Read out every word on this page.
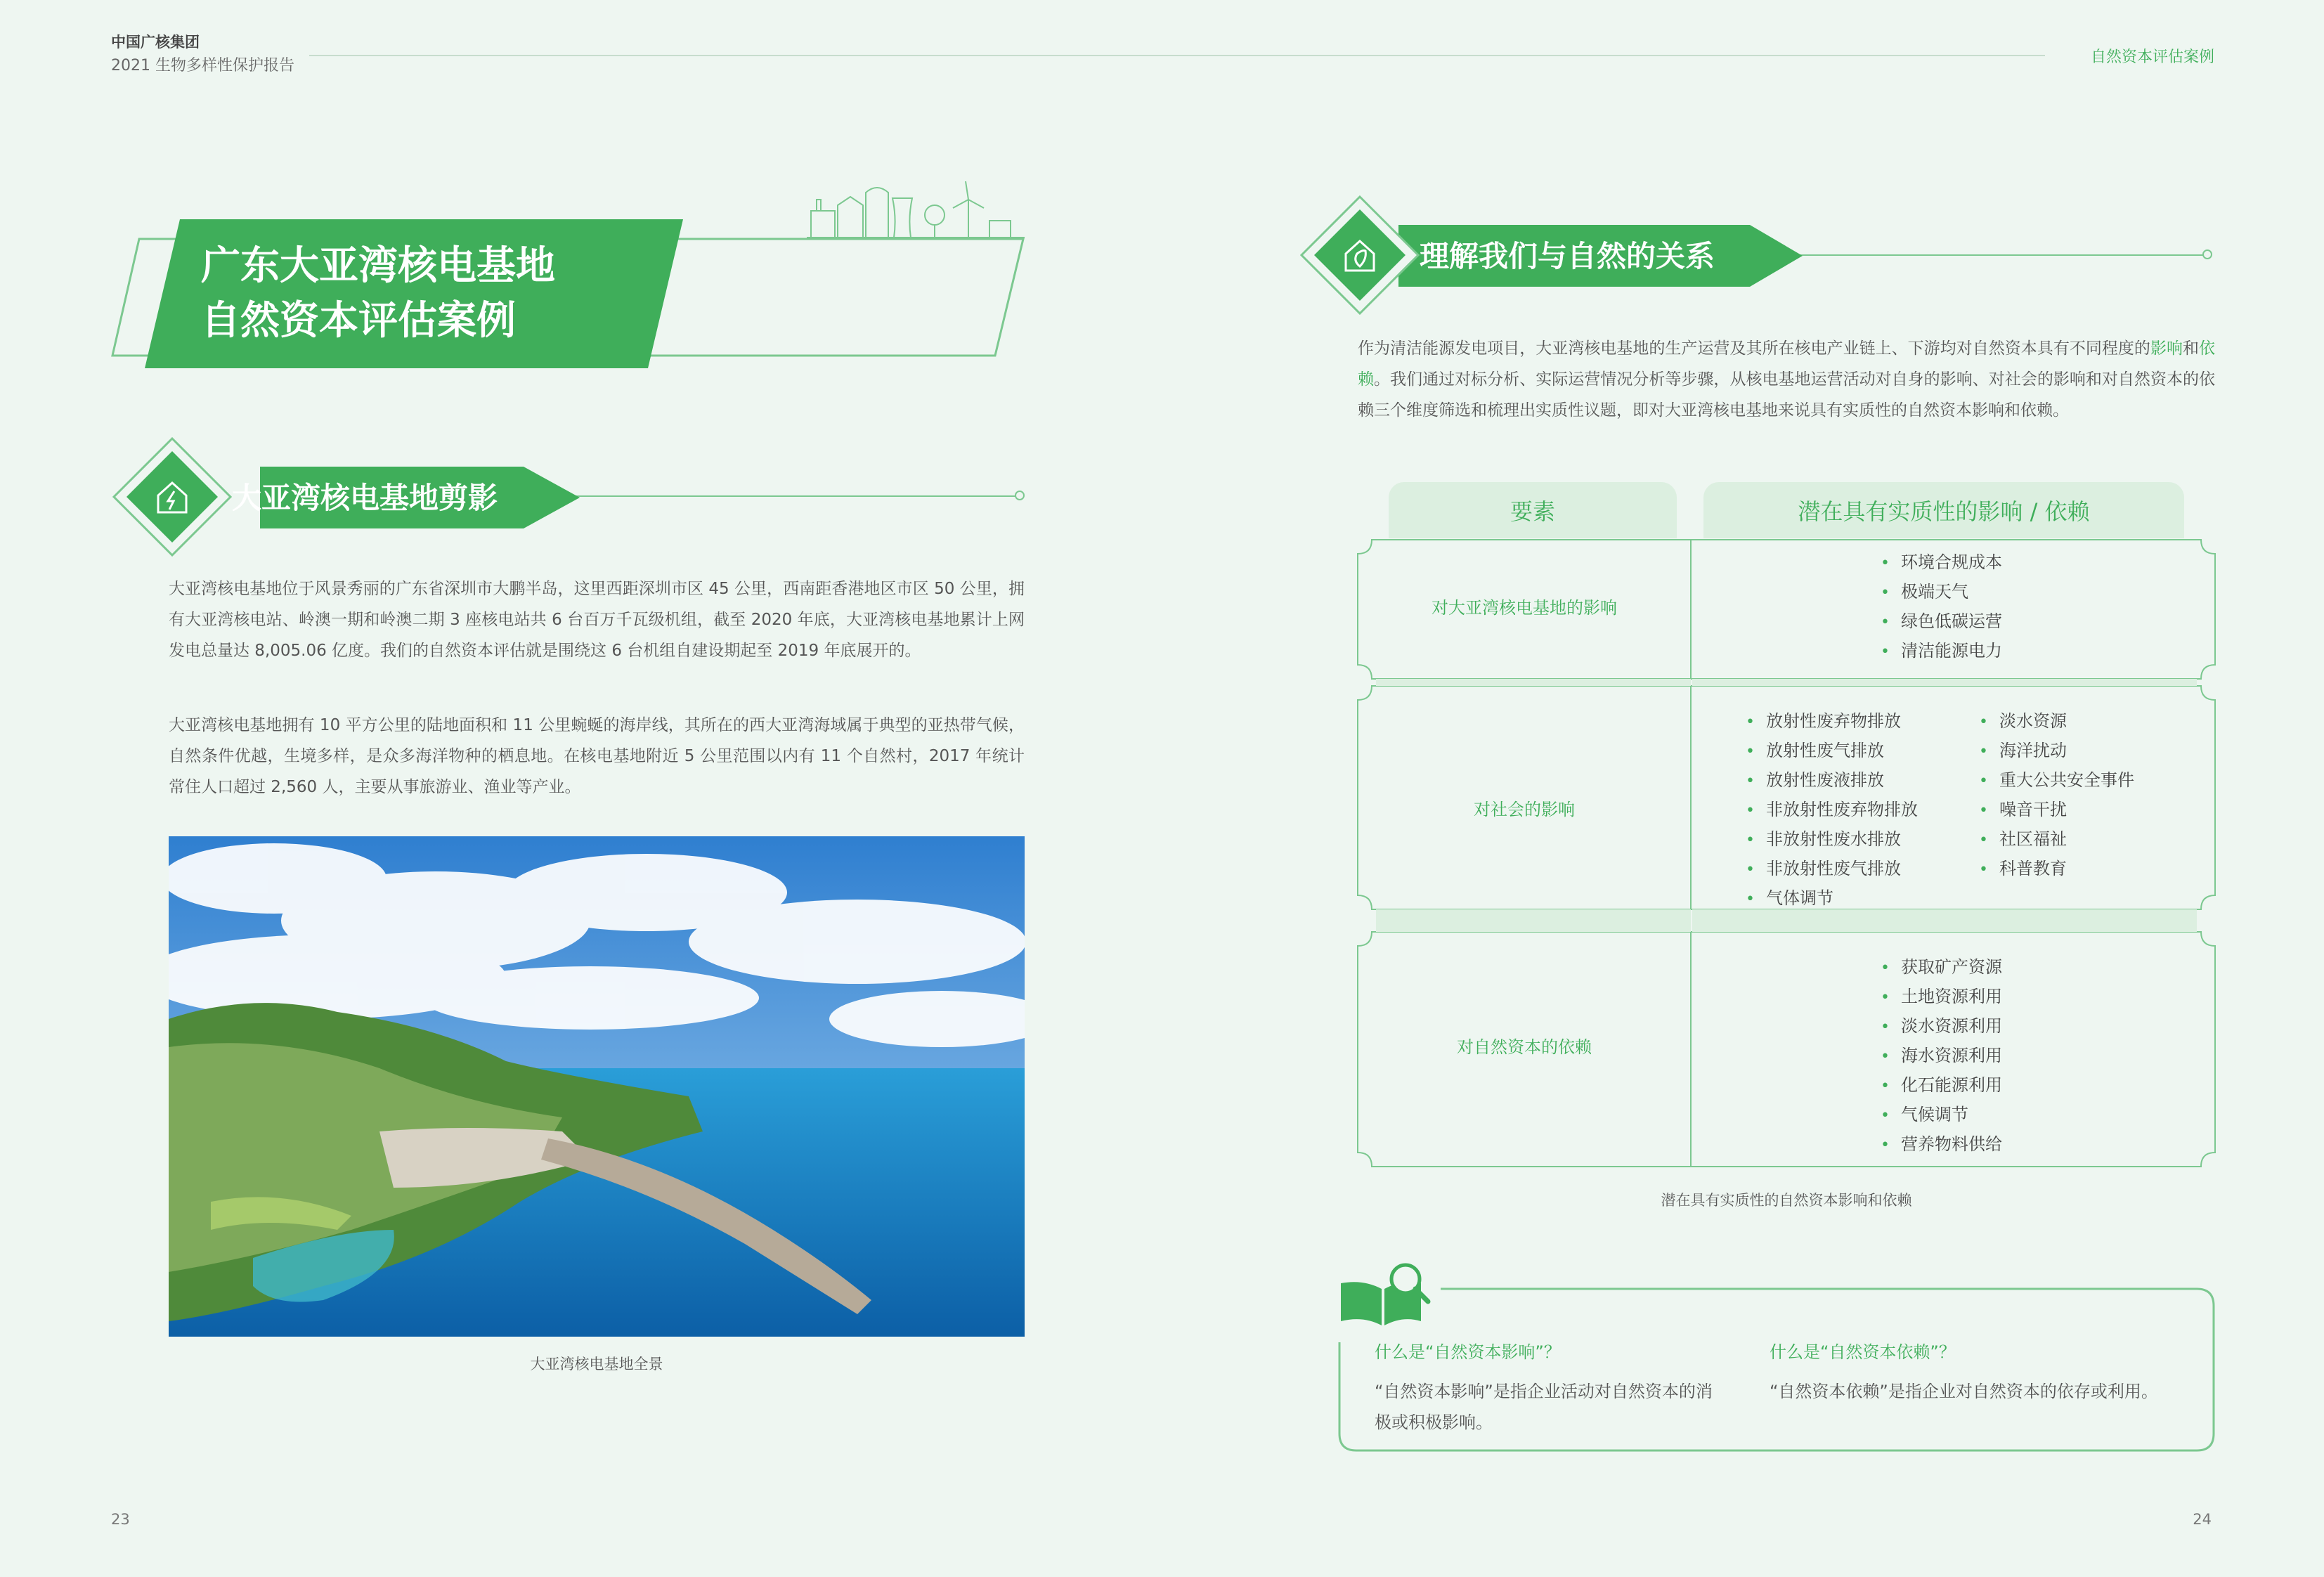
中国广核集团
2021 生物多样性保护报告	自然资本评估案例
广东大亚湾核电基地
自然资本评估案例
大亚湾核电基地剪影
大亚湾核电基地位于风景秀丽的广东省深圳市大鹏半岛，这里西距深圳市区 45 公里，西南距香港地区市区 50 公里，拥有大亚湾核电站、岭澳一期和岭澳二期 3 座核电站共 6 台百万千瓦级机组，截至 2020 年底，大亚湾核电基地累计上网发电总量达 8,005.06 亿度。我们的自然资本评估就是围绕这 6 台机组自建设期起至 2019 年底展开的。
大亚湾核电基地拥有 10 平方公里的陆地面积和 11 公里蜿蜒的海岸线，其所在的西大亚湾海域属于典型的亚热带气候，自然条件优越，生境多样，是众多海洋物种的栖息地。在核电基地附近 5 公里范围以内有 11 个自然村，2017 年统计常住人口超过 2,560 人，主要从事旅游业、渔业等产业。
大亚湾核电基地全景
理解我们与自然的关系
作为清洁能源发电项目，大亚湾核电基地的生产运营及其所在核电产业链上、下游均对自然资本具有不同程度的影响和依赖。我们通过对标分析、实际运营情况分析等步骤，从核电基地运营活动对自身的影响、对社会的影响和对自然资本的依赖三个维度筛选和梳理出实质性议题，即对大亚湾核电基地来说具有实质性的自然资本影响和依赖。
要素	潜在具有实质性的影响 / 依赖
对大亚湾核电基地的影响
• 环境合规成本
• 极端天气
• 绿色低碳运营
• 清洁能源电力
对社会的影响
• 放射性废弃物排放
• 放射性废气排放
• 放射性废液排放
• 非放射性废弃物排放
• 非放射性废水排放
• 非放射性废气排放
• 气体调节
• 淡水资源
• 海洋扰动
• 重大公共安全事件
• 噪音干扰
• 社区福祉
• 科普教育
对自然资本的依赖
• 获取矿产资源
• 土地资源利用
• 淡水资源利用
• 海水资源利用
• 化石能源利用
• 气候调节
• 营养物料供给
潜在具有实质性的自然资本影响和依赖
什么是“自然资本影响”？
“自然资本影响”是指企业活动对自然资本的消极或积极影响。
什么是“自然资本依赖”？
“自然资本依赖”是指企业对自然资本的依存或利用。
23	24
